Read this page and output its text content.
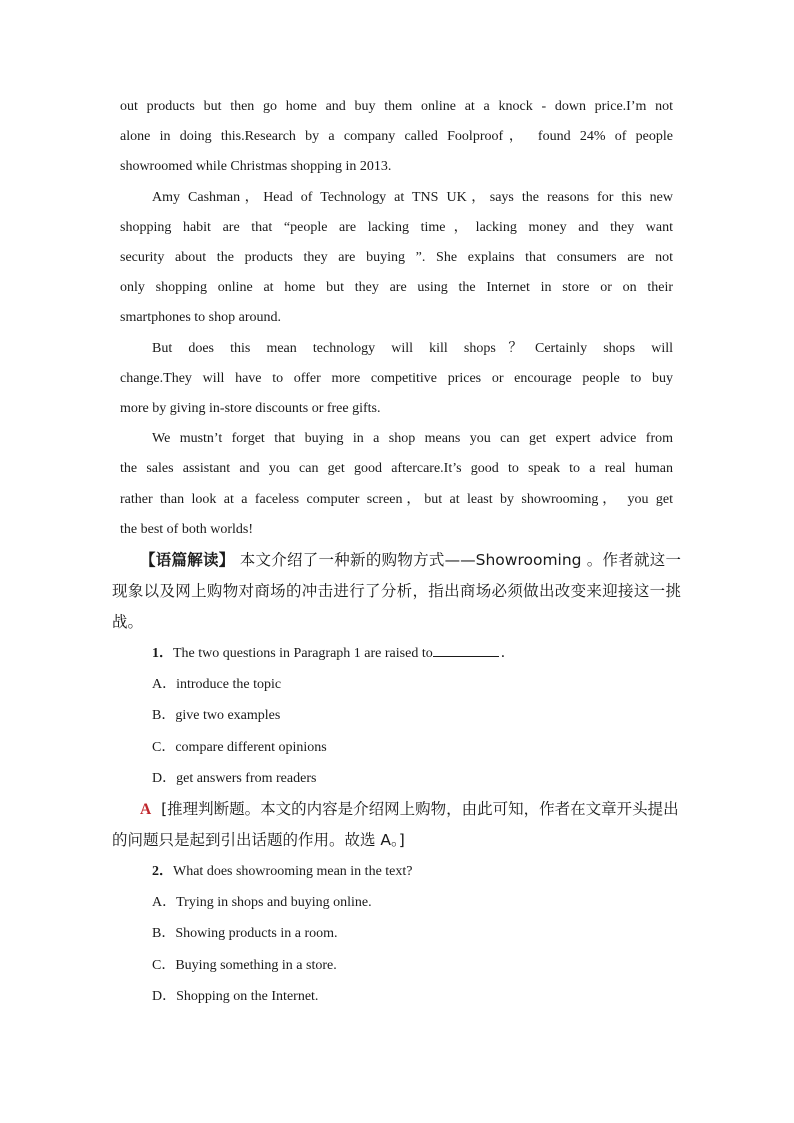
out products but then go home and buy them online at a knock - down price.I’m not
alone in doing this.Research by a company called Foolproof， found 24% of people
showroomed while Christmas shopping in 2013.

Amy Cashman，Head of Technology at TNS UK，says the reasons for this new
shopping habit are that “people are lacking time，lacking money and they want
security about the products they are buying ”. She explains that consumers are not
only shopping online at home but they are using the Internet in store or on their
smartphones to shop around.

But does this mean technology will kill shops？Certainly shops will
change.They will have to offer more competitive prices or encourage people to buy
more by giving in-store discounts or free gifts.

We mustn’t forget that buying in a shop means you can get expert advice from
the sales assistant and you can get good aftercare.It’s good to speak to a real human
rather than look at a faceless computer screen，but at least by showrooming， you get
the best of both worlds!

【语篇解读】 本文介绍了一种新的购物方式——Showrooming 。作者就这一现象以及网上购物对商场的冲击进行了分析，指出商场必须做出改变来迎接这一挑战。

1．The two questions in Paragraph 1 are raised to	．

A．introduce the topic

B．give two examples

C．compare different opinions

D．get answers from readers

A [推理判断题。本文的内容是介绍网上购物，由此可知，作者在文章开头提出的问题只是起到引出话题的作用。故选 A。]

2．What does showrooming mean in the text?

A．Trying in shops and buying online.

B．Showing products in a room.

C．Buying something in a store.

D．Shopping on the Internet.
